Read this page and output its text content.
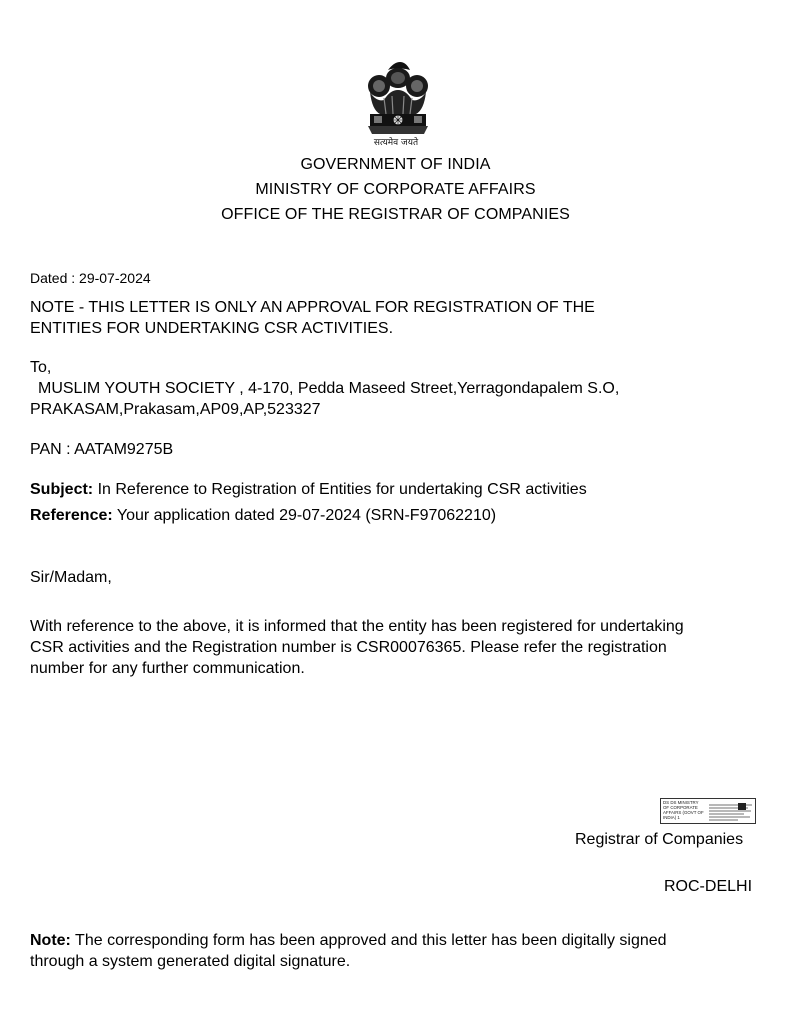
सत्यमेव जयते
GOVERNMENT OF INDIA
MINISTRY OF CORPORATE AFFAIRS
OFFICE OF THE REGISTRAR OF COMPANIES
Dated : 29-07-2024
NOTE - THIS LETTER IS ONLY AN APPROVAL FOR REGISTRATION OF THE
ENTITIES FOR UNDERTAKING CSR ACTIVITIES.
To,
MUSLIM YOUTH SOCIETY , 4-170, Pedda Maseed Street,Yerragondapalem S.O,
PRAKASAM,Prakasam,AP09,AP,523327
PAN : AATAM9275B
Subject: In Reference to Registration of Entities for undertaking CSR activities
Reference: Your application dated 29-07-2024 (SRN-F97062210)
Sir/Madam,
With reference to the above, it is informed that the entity has been registered for undertaking
CSR activities and the Registration number is CSR00076365. Please refer the registration
number for any further communication.
DS DS MINISTRY OF CORPORATE AFFAIRS (GOVT OF INDIA) 1
Registrar of Companies
ROC-DELHI
Note: The corresponding form has been approved and this letter has been digitally signed
through a system generated digital signature.
